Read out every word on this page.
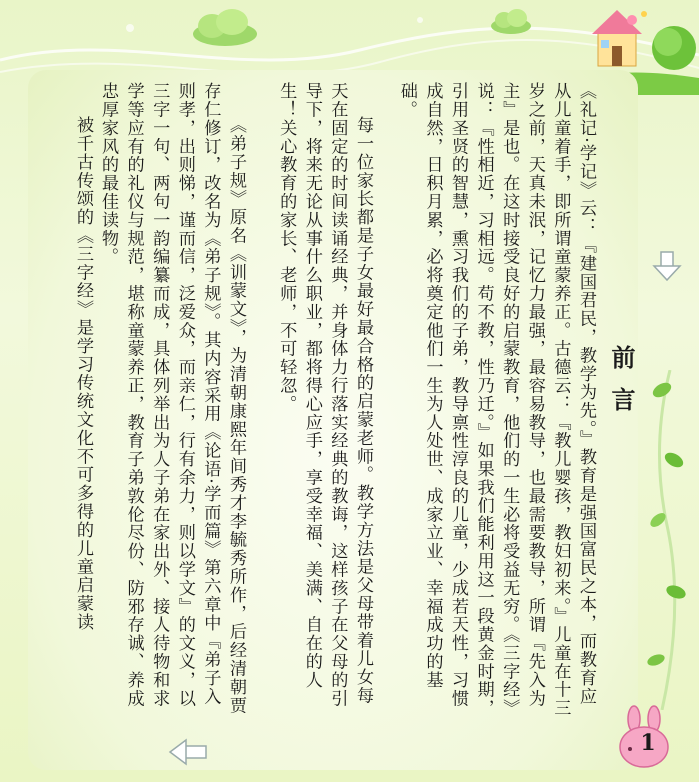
1
前言

《礼记·学记》云：『建国君民，教学为先。』教育是强国富民之本，而教育应从儿童着手，即所谓童蒙养正。古德云：『教儿婴孩，教妇初来。』儿童在十三岁之前，天真未泯，记忆力最强，最容易教导，也最需要教导，所谓『先入为主』是也。在这时接受良好的启蒙教育，他们的一生必将受益无穷。《三字经》说：『性相近，习相远。苟不教，性乃迁。』如果我们能利用这一段黄金时期，引用圣贤的智慧，熏习我们的子弟，教导禀性淳良的儿童，少成若天性，习惯成自然，日积月累，必将奠定他们一生为人处世、成家立业、幸福成功的基础。

每一位家长都是子女最好最合格的启蒙老师。教学方法是父母带着儿女每天在固定的时间读诵经典，并身体力行落实经典的教诲，这样孩子在父母的引导下，将来无论从事什么职业，都将得心应手，享受幸福、美满、自在的人生！关心教育的家长、老师，不可轻忽。

《弟子规》原名《训蒙文》，为清朝康熙年间秀才李毓秀所作，后经清朝贾存仁修订，改名为《弟子规》。其内容采用《论语·学而篇》第六章中『弟子入则孝，出则悌，谨而信，泛爱众，而亲仁，行有余力，则以学文』的文义，以三字一句、两句一韵编纂而成，具体列举出为人子弟在家出外、接人待物和求学等应有的礼仪与规范，堪称童蒙养正，教育子弟敦伦尽份、防邪存诚、养成忠厚家风的最佳读物。

被千古传颂的《三字经》是学习传统文化不可多得的儿童启蒙读
